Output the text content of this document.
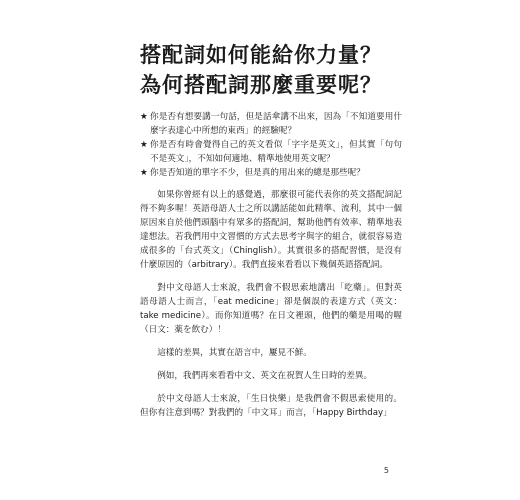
搭配詞如何能給你力量？
為何搭配詞那麼重要呢？
★ 你是否有想要講一句話，但是話傘講不出來，因為「不知道要用什麼字表達心中所想的東西」的經驗呢？
★ 你是否有時會覺得自己的英文看似「字字是英文」，但其實「句句不是英文」，不知如何適地、精準地使用英文呢？
★ 你是否知道的單字不少，但是真的用出來的總是那些呢？

如果你曾經有以上的感覺過，那麼很可能代表你的英文搭配詞記得不夠多喔！英語母語人士之所以講話能如此精準、流利，其中一個原因來自於他們頭腦中有眾多的搭配詞，幫助他們有效率、精準地表達想法。若我們用中文習慣的方式去思考字與字的組合，就很容易造成很多的「台式英文」（Chinglish）。其實很多的搭配習慣，是沒有什麼原因的（arbitrary）。我們直接來看看以下幾個英語搭配詞。

對中文母語人士來說，我們會不假思索地講出「吃藥」。但對英語母語人士而言，「eat medicine」卻是個誤的表達方式（英文：take medicine）。而你知道嗎？在日文裡頭，他們的藥是用喝的喔（日文：薬を飲む）！

這樣的差異，其實在語言中，屢見不鮮。

例如，我們再來看看中文、英文在祝賀人生日時的差異。

於中文母語人士來說，「生日快樂」是我們會不假思索使用的。但你有注意到嗎？對我們的「中文耳」而言，「Happy Birthday」

5
